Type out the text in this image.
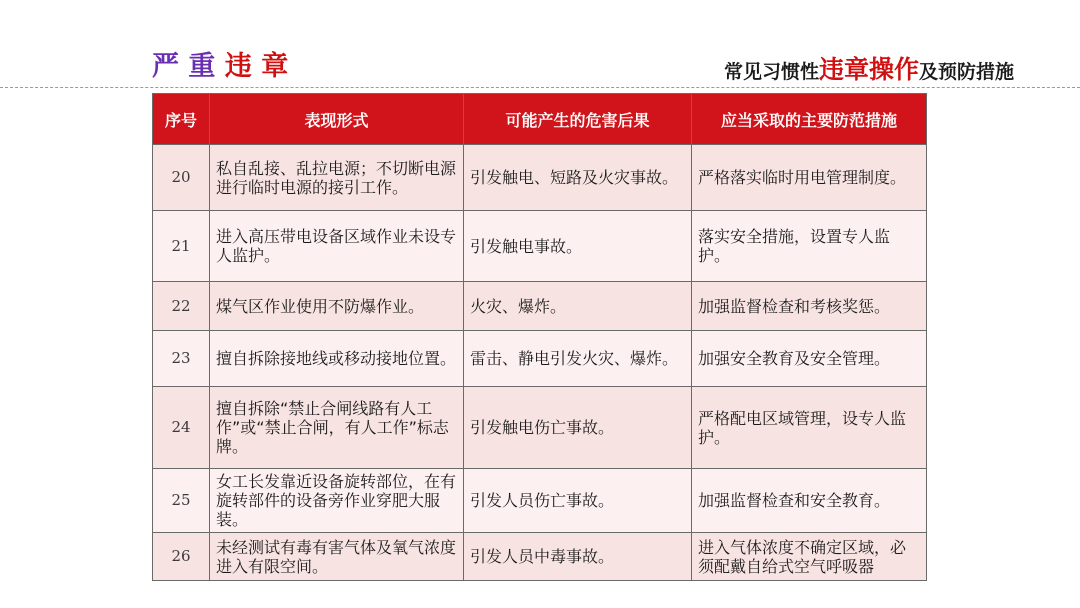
严 重 违 章	常见习惯性违章操作及预防措施
序号	表现形式	可能产生的危害后果	应当采取的主要防范措施
20	私自乱接、乱拉电源；不切断电源进行临时电源的接引工作。	引发触电、短路及火灾事故。	严格落实临时用电管理制度。
21	进入高压带电设备区域作业未设专人监护。	引发触电事故。	落实安全措施，设置专人监护。
22	煤气区作业使用不防爆作业。	火灾、爆炸。	加强监督检查和考核奖惩。
23	擅自拆除接地线或移动接地位置。	雷击、静电引发火灾、爆炸。	加强安全教育及安全管理。
24	擅自拆除“禁止合闸线路有人工作”或“禁止合闸，有人工作”标志牌。	引发触电伤亡事故。	严格配电区域管理，设专人监护。
25	女工长发靠近设备旋转部位，在有旋转部件的设备旁作业穿肥大服装。	引发人员伤亡事故。	加强监督检查和安全教育。
26	未经测试有毒有害气体及氧气浓度进入有限空间。	引发人员中毒事故。	进入气体浓度不确定区域，必须配戴自给式空气呼吸器
